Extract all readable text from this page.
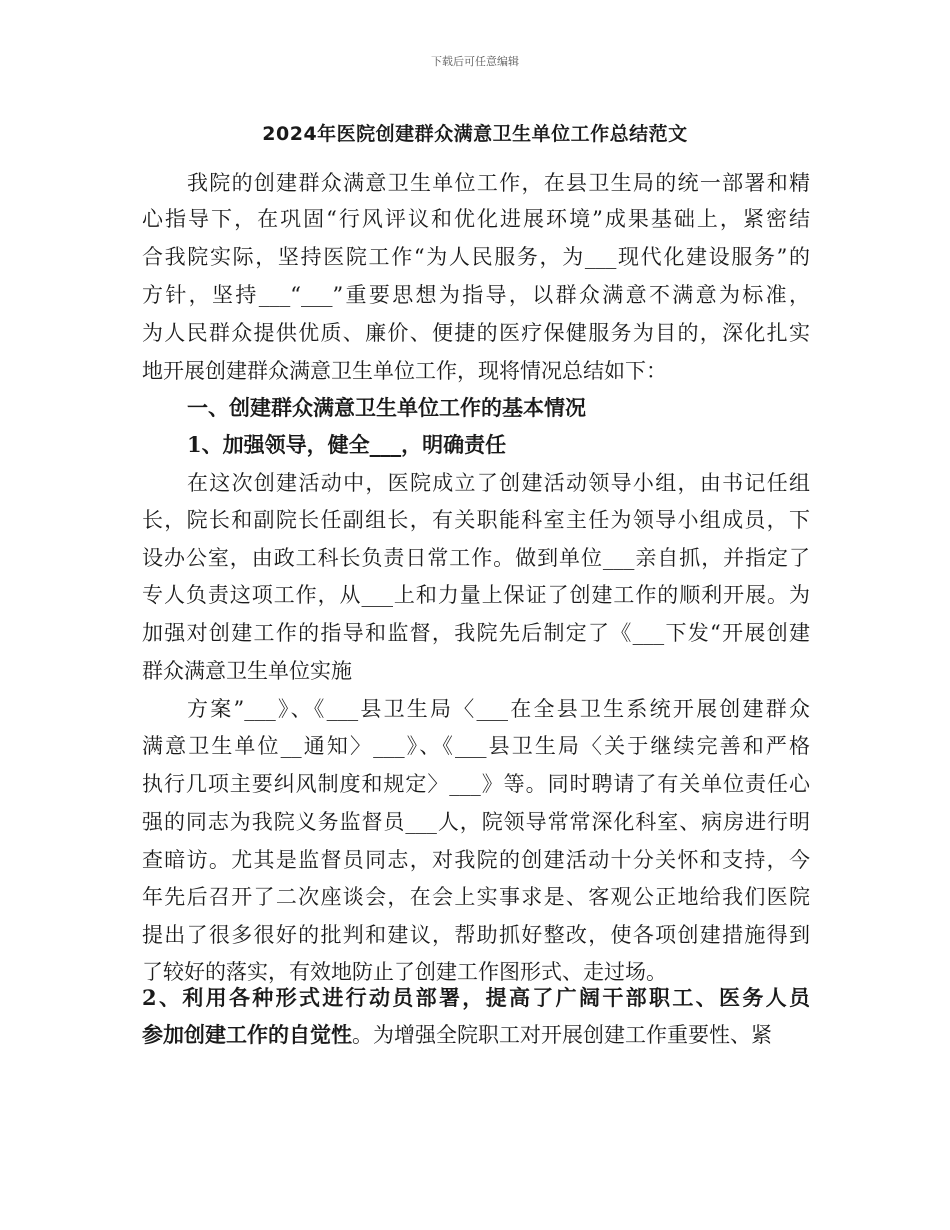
下载后可任意编辑
2024年医院创建群众满意卫生单位工作总结范文
我院的创建群众满意卫生单位工作，在县卫生局的统一部署和精
心指导下，在巩固“行风评议和优化进展环境”成果基础上，紧密结
合我院实际，坚持医院工作“为人民服务，为___现代化建设服务”的
方针，坚持___“___”重要思想为指导，以群众满意不满意为标准，
为人民群众提供优质、廉价、便捷的医疗保健服务为目的，深化扎实
地开展创建群众满意卫生单位工作，现将情况总结如下：
一、创建群众满意卫生单位工作的基本情况
1、加强领导，健全___，明确责任
在这次创建活动中，医院成立了创建活动领导小组，由书记任组
长，院长和副院长任副组长，有关职能科室主任为领导小组成员，下
设办公室，由政工科长负责日常工作。做到单位___亲自抓，并指定了
专人负责这项工作，从___上和力量上保证了创建工作的顺利开展。为
加强对创建工作的指导和监督，我院先后制定了《___下发“开展创建
群众满意卫生单位实施
方案”___》、《___县卫生局〈___在全县卫生系统开展创建群众
满意卫生单位__通知〉___》、《___县卫生局〈关于继续完善和严格
执行几项主要纠风制度和规定〉___》等。同时聘请了有关单位责任心
强的同志为我院义务监督员___人，院领导常常深化科室、病房进行明
查暗访。尤其是监督员同志，对我院的创建活动十分关怀和支持，今
年先后召开了二次座谈会，在会上实事求是、客观公正地给我们医院
提出了很多很好的批判和建议，帮助抓好整改，使各项创建措施得到
了较好的落实，有效地防止了创建工作图形式、走过场。
2、利用各种形式进行动员部署，提高了广阔干部职工、医务人员
参加创建工作的自觉性。为增强全院职工对开展创建工作重要性、紧
